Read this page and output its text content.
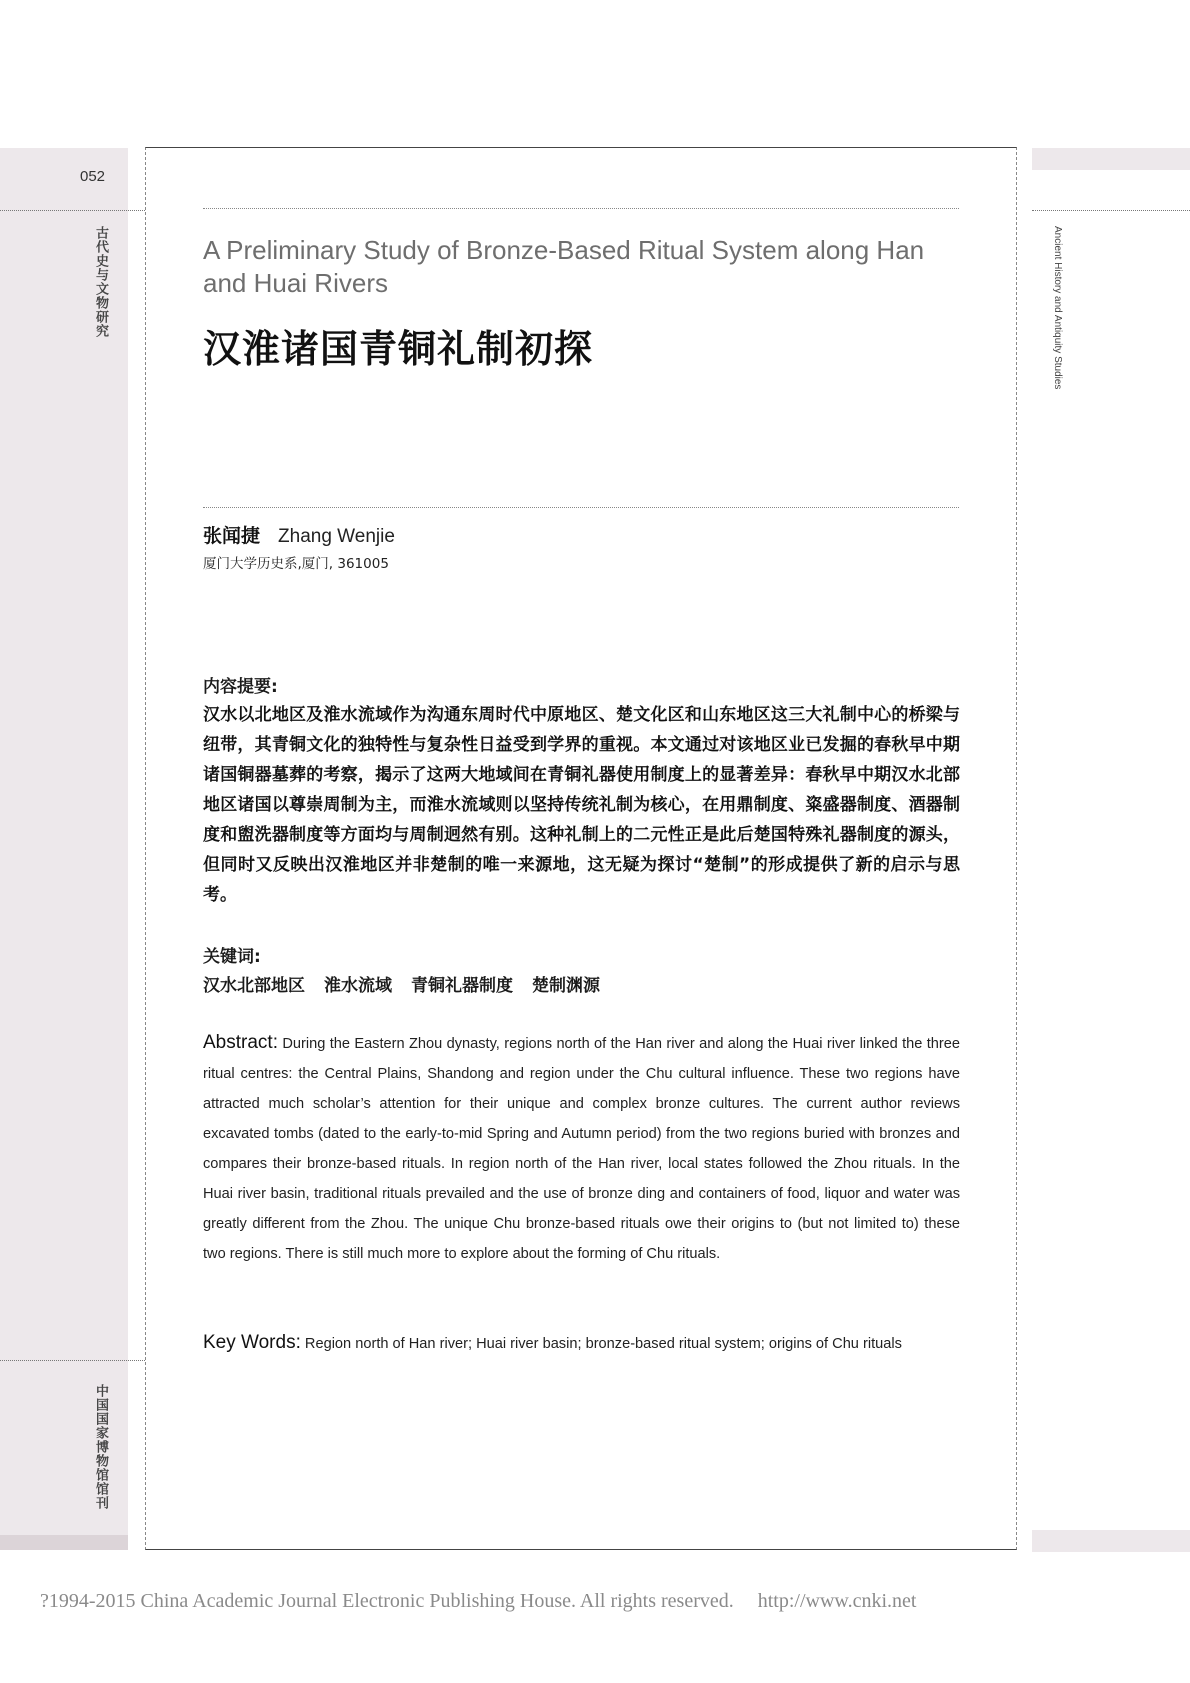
052
古代史与文物研究
中国国家博物馆馆刊
Ancient History and Antiquity Studies
A Preliminary Study of Bronze-Based Ritual System along Han and Huai Rivers
汉淮诸国青铜礼制初探
张闻捷 Zhang Wenjie
厦门大学历史系,厦门, 361005
内容提要:
汉水以北地区及淮水流域作为沟通东周时代中原地区、楚文化区和山东地区这三大礼制中心的桥梁与纽带，其青铜文化的独特性与复杂性日益受到学界的重视。本文通过对该地区业已发掘的春秋早中期诸国铜器墓葬的考察，揭示了这两大地域间在青铜礼器使用制度上的显著差异：春秋早中期汉水北部地区诸国以尊崇周制为主，而淮水流域则以坚持传统礼制为核心，在用鼎制度、粢盛器制度、酒器制度和盥洗器制度等方面均与周制迥然有别。这种礼制上的二元性正是此后楚国特殊礼器制度的源头，但同时又反映出汉淮地区并非楚制的唯一来源地，这无疑为探讨“楚制”的形成提供了新的启示与思考。
关键词:
汉水北部地区 淮水流域 青铜礼器制度 楚制渊源
Abstract: During the Eastern Zhou dynasty, regions north of the Han river and along the Huai river linked the three ritual centres: the Central Plains, Shandong and region under the Chu cultural influence. These two regions have attracted much scholar’s attention for their unique and complex bronze cultures. The current author reviews excavated tombs (dated to the early-to-mid Spring and Autumn period) from the two regions buried with bronzes and compares their bronze-based rituals. In region north of the Han river, local states followed the Zhou rituals. In the Huai river basin, traditional rituals prevailed and the use of bronze ding and containers of food, liquor and water was greatly different from the Zhou. The unique Chu bronze-based rituals owe their origins to (but not limited to) these two regions. There is still much more to explore about the forming of Chu rituals.
Key Words: Region north of Han river; Huai river basin; bronze-based ritual system; origins of Chu rituals
?1994-2015 China Academic Journal Electronic Publishing House. All rights reserved. http://www.cnki.net
